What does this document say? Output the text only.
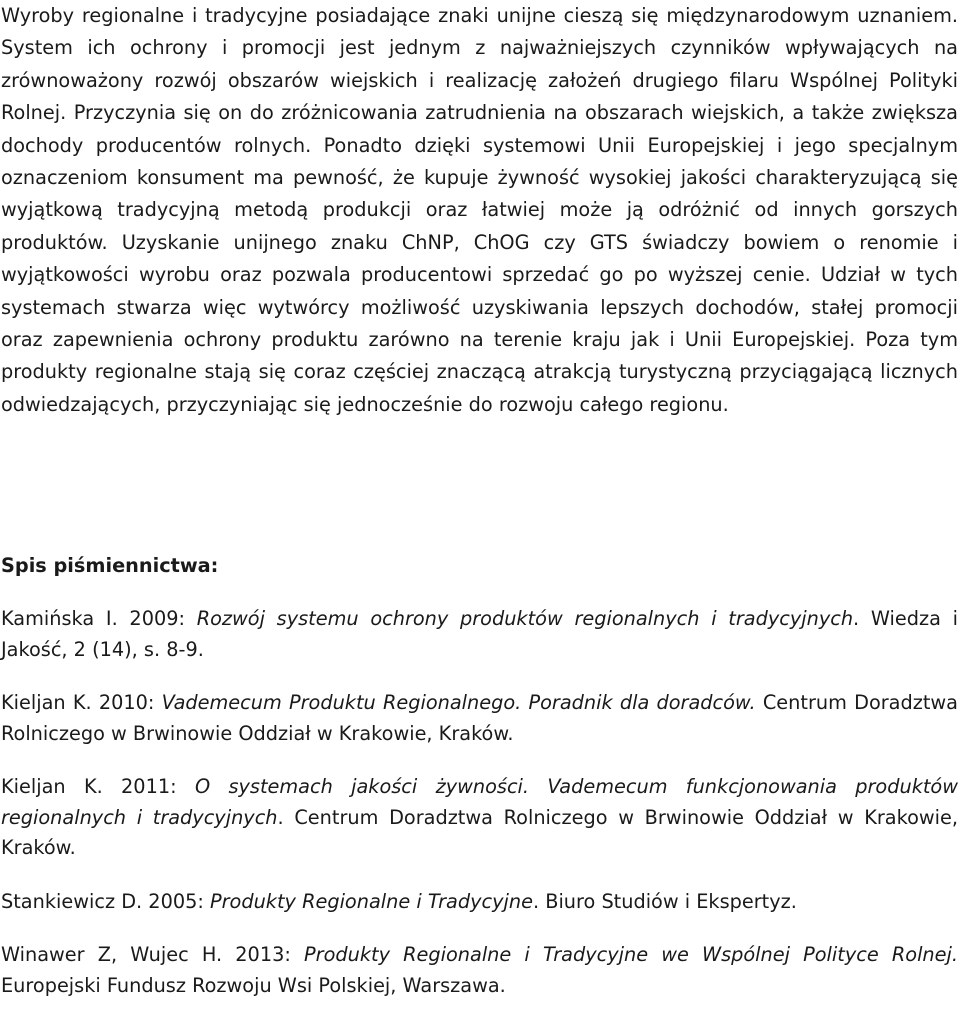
Wyroby regionalne i tradycyjne posiadające znaki unijne cieszą się międzynarodowym uznaniem. System ich ochrony i promocji jest jednym z najważniejszych czynników wpływających na zrównoważony rozwój obszarów wiejskich i realizację założeń drugiego filaru Wspólnej Polityki Rolnej. Przyczynia się on do zróżnicowania zatrudnienia na obszarach wiejskich, a także zwiększa dochody producentów rolnych. Ponadto dzięki systemowi Unii Europejskiej i jego specjalnym oznaczeniom konsument ma pewność, że kupuje żywność wysokiej jakości charakteryzującą się wyjątkową tradycyjną metodą produkcji oraz łatwiej może ją odróżnić od innych gorszych produktów. Uzyskanie unijnego znaku ChNP, ChOG czy GTS świadczy bowiem o renomie i wyjątkowości wyrobu oraz pozwala producentowi sprzedać go po wyższej cenie. Udział w tych systemach stwarza więc wytwórcy możliwość uzyskiwania lepszych dochodów, stałej promocji oraz zapewnienia ochrony produktu zarówno na terenie kraju jak i Unii Europejskiej. Poza tym produkty regionalne stają się coraz częściej znaczącą atrakcją turystyczną przyciągającą licznych odwiedzających, przyczyniając się jednocześnie do rozwoju całego regionu.

Spis piśmiennictwa:

Kamińska I. 2009: Rozwój systemu ochrony produktów regionalnych i tradycyjnych. Wiedza i Jakość, 2 (14), s. 8-9.

Kieljan K. 2010: Vademecum Produktu Regionalnego. Poradnik dla doradców. Centrum Doradztwa Rolniczego w Brwinowie Oddział w Krakowie, Kraków.

Kieljan K. 2011: O systemach jakości żywności. Vademecum funkcjonowania produktów regionalnych i tradycyjnych. Centrum Doradztwa Rolniczego w Brwinowie Oddział w Krakowie, Kraków.

Stankiewicz D. 2005: Produkty Regionalne i Tradycyjne. Biuro Studiów i Ekspertyz.

Winawer Z, Wujec H. 2013: Produkty Regionalne i Tradycyjne we Wspólnej Polityce Rolnej. Europejski Fundusz Rozwoju Wsi Polskiej, Warszawa.
